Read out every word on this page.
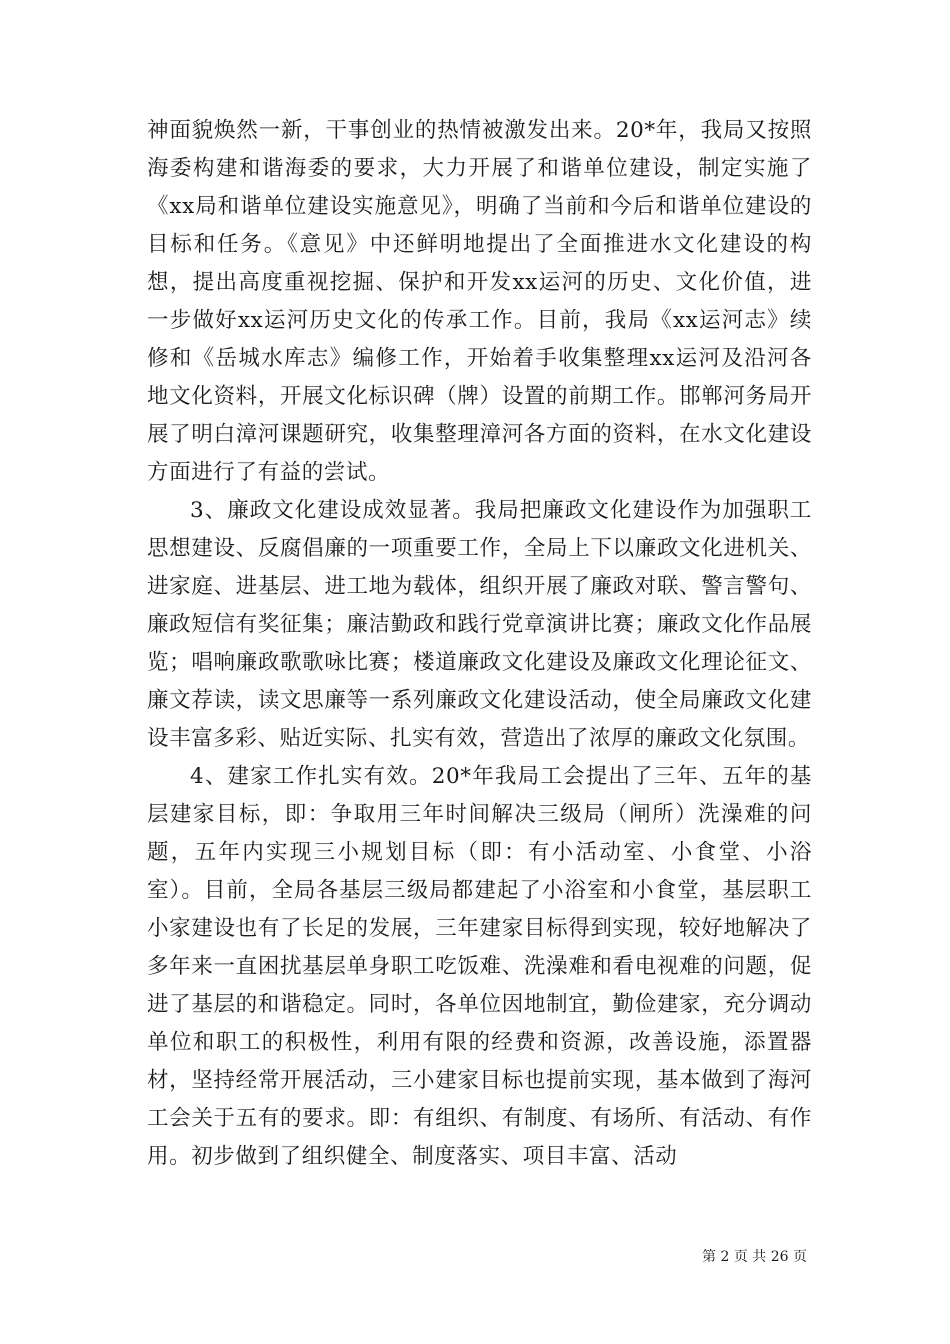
神面貌焕然一新，干事创业的热情被激发出来。20*年，我局又按照海委构建和谐海委的要求，大力开展了和谐单位建设，制定实施了《xx局和谐单位建设实施意见》，明确了当前和今后和谐单位建设的目标和任务。《意见》中还鲜明地提出了全面推进水文化建设的构想，提出高度重视挖掘、保护和开发xx运河的历史、文化价值，进一步做好xx运河历史文化的传承工作。目前，我局《xx运河志》续修和《岳城水库志》编修工作，开始着手收集整理xx运河及沿河各地文化资料，开展文化标识碑（牌）设置的前期工作。邯郸河务局开展了明白漳河课题研究，收集整理漳河各方面的资料，在水文化建设方面进行了有益的尝试。

3、廉政文化建设成效显著。我局把廉政文化建设作为加强职工思想建设、反腐倡廉的一项重要工作，全局上下以廉政文化进机关、进家庭、进基层、进工地为载体，组织开展了廉政对联、警言警句、廉政短信有奖征集；廉洁勤政和践行党章演讲比赛；廉政文化作品展览；唱响廉政歌歌咏比赛；楼道廉政文化建设及廉政文化理论征文、廉文荐读，读文思廉等一系列廉政文化建设活动，使全局廉政文化建设丰富多彩、贴近实际、扎实有效，营造出了浓厚的廉政文化氛围。

4、建家工作扎实有效。20*年我局工会提出了三年、五年的基层建家目标，即：争取用三年时间解决三级局（闸所）洗澡难的问题，五年内实现三小规划目标（即：有小活动室、小食堂、小浴室）。目前，全局各基层三级局都建起了小浴室和小食堂，基层职工小家建设也有了长足的发展，三年建家目标得到实现，较好地解决了多年来一直困扰基层单身职工吃饭难、洗澡难和看电视难的问题，促进了基层的和谐稳定。同时，各单位因地制宜，勤俭建家，充分调动单位和职工的积极性，利用有限的经费和资源，改善设施，添置器材，坚持经常开展活动，三小建家目标也提前实现，基本做到了海河工会关于五有的要求。即：有组织、有制度、有场所、有活动、有作用。初步做到了组织健全、制度落实、项目丰富、活动

第 2 页 共 26 页
